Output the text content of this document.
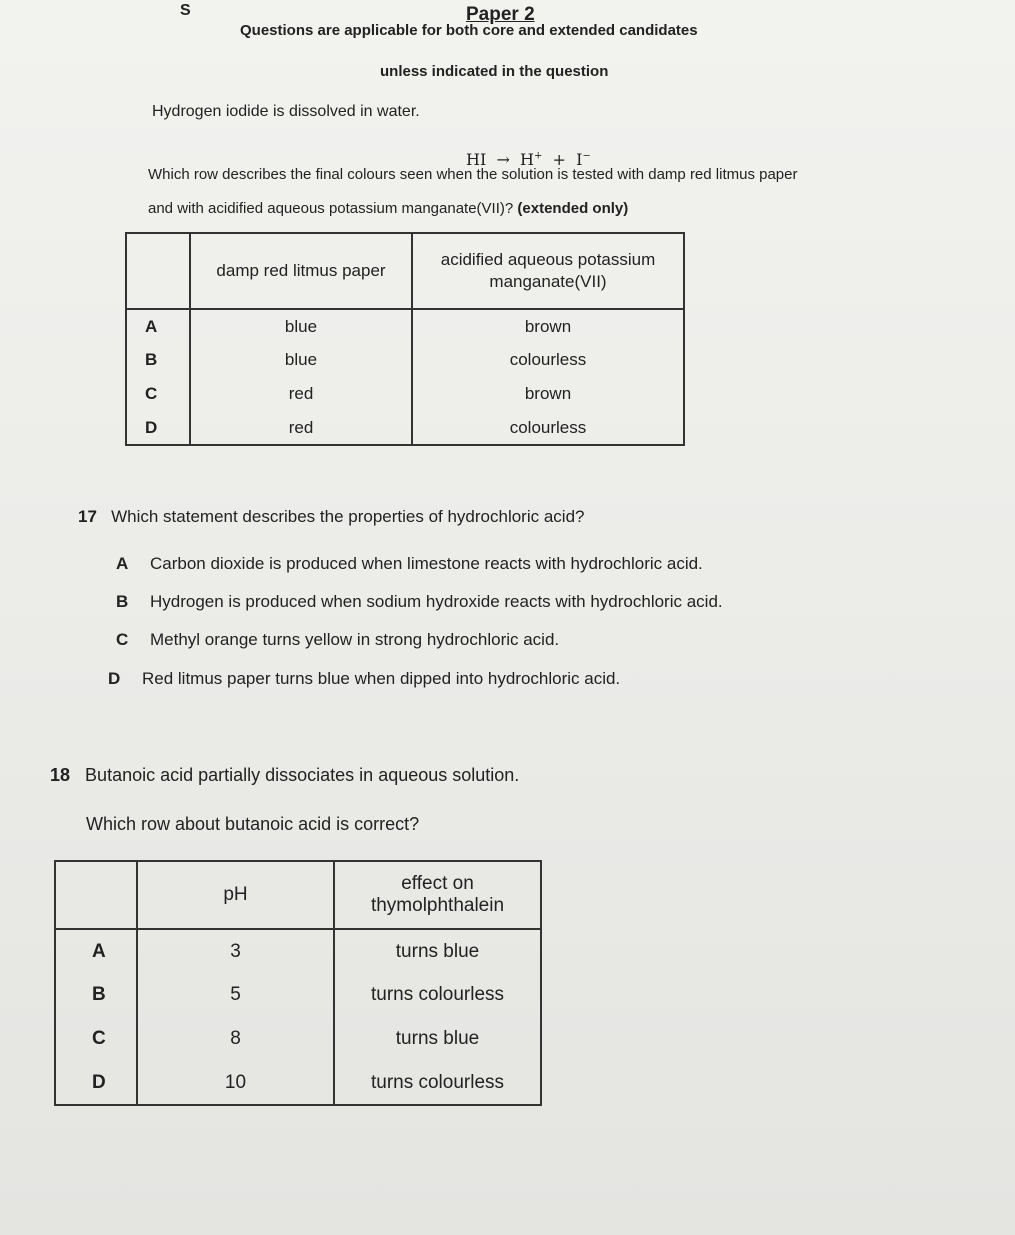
S	Paper 2
Questions are applicable for both core and extended candidates
unless indicated in the question
Hydrogen iodide is dissolved in water.
HI → H+ + I−
Which row describes the final colours seen when the solution is tested with damp red litmus paper
and with acidified aqueous potassium manganate(VII)? (extended only)
	damp red litmus paper	acidified aqueous potassium manganate(VII)
A	blue	brown
B	blue	colourless
C	red	brown
D	red	colourless
17 Which statement describes the properties of hydrochloric acid?
A Carbon dioxide is produced when limestone reacts with hydrochloric acid.
B Hydrogen is produced when sodium hydroxide reacts with hydrochloric acid.
C Methyl orange turns yellow in strong hydrochloric acid.
D Red litmus paper turns blue when dipped into hydrochloric acid.
18 Butanoic acid partially dissociates in aqueous solution.
Which row about butanoic acid is correct?
	pH	effect on thymolphthalein
A	3	turns blue
B	5	turns colourless
C	8	turns blue
D	10	turns colourless
